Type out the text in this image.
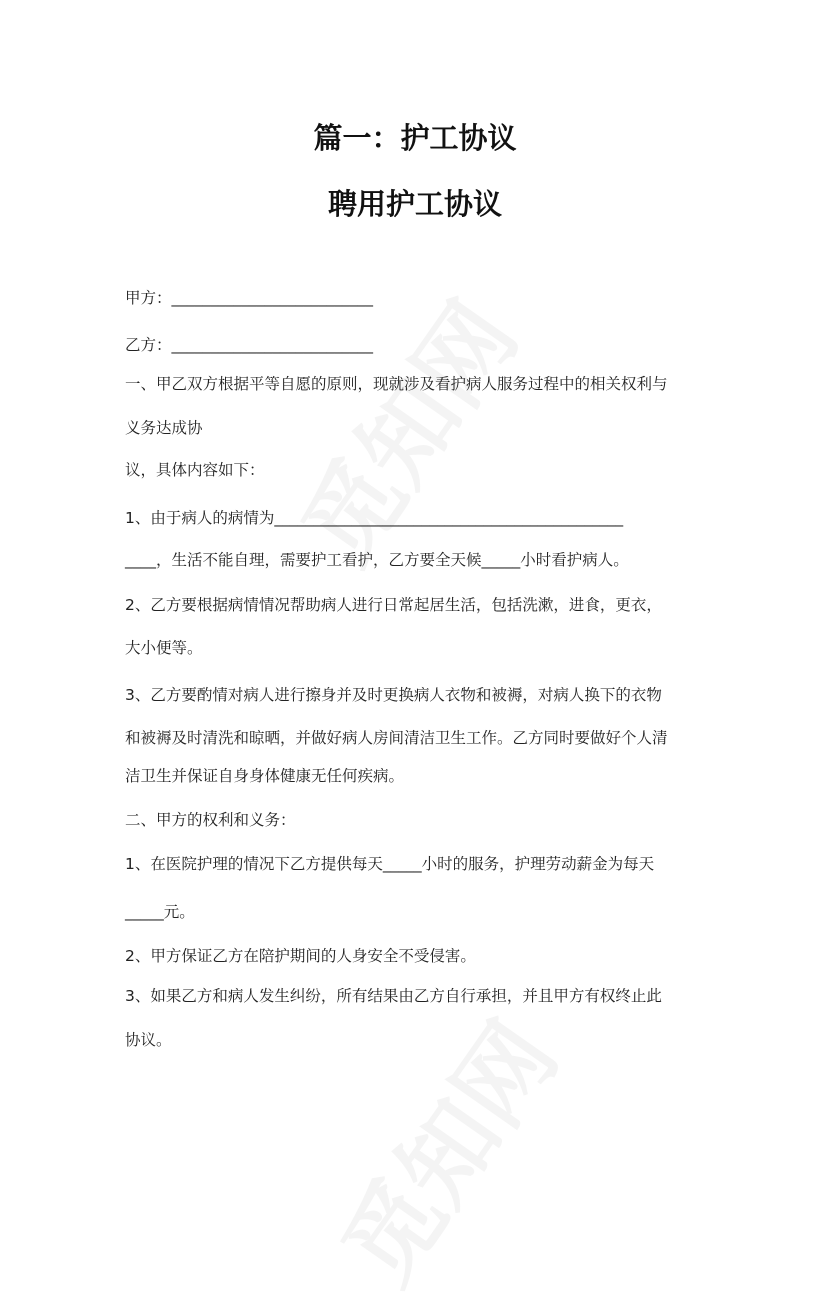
篇一：护工协议
聘用护工协议
甲方：__________________________
乙方：__________________________
一、甲乙双方根据平等自愿的原则，现就涉及看护病人服务过程中的相关权利与
义务达成协
议，具体内容如下：
1、由于病人的病情为_____________________________________________
____，生活不能自理，需要护工看护，乙方要全天候_____小时看护病人。
2、乙方要根据病情情况帮助病人进行日常起居生活，包括洗漱，进食，更衣，
大小便等。
3、乙方要酌情对病人进行擦身并及时更换病人衣物和被褥，对病人换下的衣物
和被褥及时清洗和晾晒，并做好病人房间清洁卫生工作。乙方同时要做好个人清
洁卫生并保证自身身体健康无任何疾病。
二、甲方的权利和义务：
1、在医院护理的情况下乙方提供每天_____小时的服务，护理劳动薪金为每天
_____元。
2、甲方保证乙方在陪护期间的人身安全不受侵害。
3、如果乙方和病人发生纠纷，所有结果由乙方自行承担，并且甲方有权终止此
协议。
